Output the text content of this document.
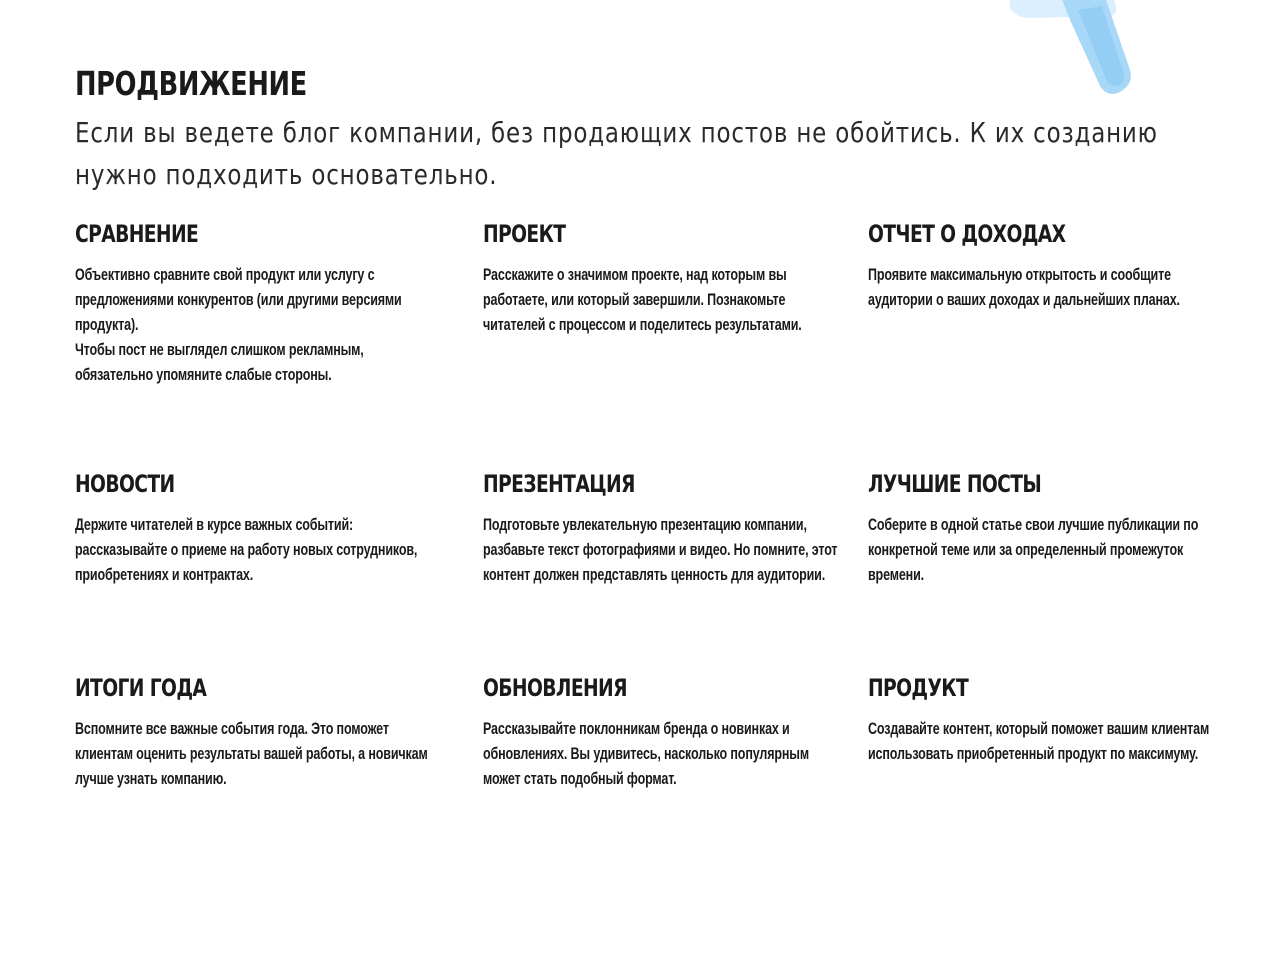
ПРОДВИЖЕНИЕ

Если вы ведете блог компании, без продающих постов не обойтись. К их созданию нужно подходить основательно.

СРАВНЕНИЕ

Объективно сравните свой продукт или услугу с предложениями конкурентов (или другими версиями продукта).
Чтобы пост не выглядел слишком рекламным, обязательно упомяните слабые стороны.

ПРОЕКТ

Расскажите о значимом проекте, над которым вы работаете, или который завершили. Познакомьте читателей с процессом и поделитесь результатами.

ОТЧЕТ О ДОХОДАХ

Проявите максимальную открытость и сообщите аудитории о ваших доходах и дальнейших планах.

НОВОСТИ

Держите читателей в курсе важных событий: рассказывайте о приеме на работу новых сотрудников, приобретениях и контрактах.

ПРЕЗЕНТАЦИЯ

Подготовьте увлекательную презентацию компании, разбавьте текст фотографиями и видео. Но помните, этот контент должен представлять ценность для аудитории.

ЛУЧШИЕ ПОСТЫ

Соберите в одной статье свои лучшие публикации по конкретной теме или за определенный промежуток времени.

ИТОГИ ГОДА

Вспомните все важные события года. Это поможет клиентам оценить результаты вашей работы, а новичкам лучше узнать компанию.

ОБНОВЛЕНИЯ

Рассказывайте поклонникам бренда о новинках и обновлениях. Вы удивитесь, насколько популярным может стать подобный формат.

ПРОДУКТ

Создавайте контент, который поможет вашим клиентам использовать приобретенный продукт по максимуму.
